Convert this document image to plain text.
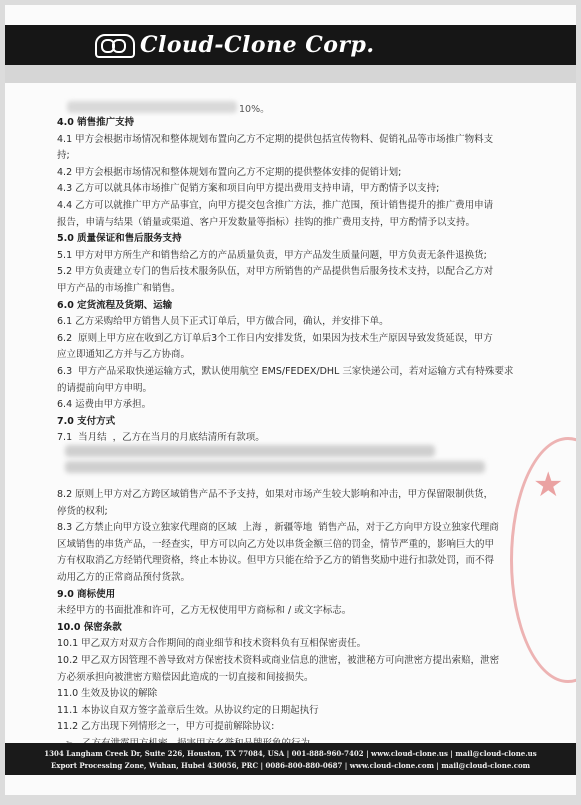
Cloud-Clone Corp.
10%。
4.0 销售推广支持
4.1 甲方会根据市场情况和整体规划布置向乙方不定期的提供包括宣传物料、促销礼品等市场推广物料支
持;
4.2 甲方会根据市场情况和整体规划布置向乙方不定期的提供整体安排的促销计划;
4.3 乙方可以就具体市场推广促销方案和项目向甲方提出费用支持申请，甲方酌情予以支持;
4.4 乙方可以就推广甲方产品事宜，向甲方提交包含推广方法，推广范围，预计销售提升的推广费用申请
报告，申请与结果（销量或渠道、客户开发数量等指标）挂钩的推广费用支持，甲方酌情予以支持。
5.0 质量保证和售后服务支持
5.1 甲方对甲方所生产和销售给乙方的产品质量负责，甲方产品发生质量问题，甲方负责无条件退换货;
5.2 甲方负责建立专门的售后技术服务队伍，对甲方所销售的产品提供售后服务技术支持，以配合乙方对
甲方产品的市场推广和销售。
6.0 定货流程及货期、运输
6.1 乙方采购给甲方销售人员下正式订单后，甲方做合同，确认，并安排下单。
6.2  原则上甲方应在收到乙方订单后3个工作日内安排发货，如果因为技术生产原因导致发货延误，甲方
应立即通知乙方并与乙方协商。
6.3  甲方产品采取快递运输方式，默认使用航空 EMS/FEDEX/DHL 三家快递公司，若对运输方式有特殊要求
的请提前向甲方申明。
6.4 运费由甲方承担。
7.0 支付方式
7.1  当月结  ，乙方在当月的月底结清所有款项。
8.2 原则上甲方对乙方跨区域销售产品不予支持，如果对市场产生较大影响和冲击，甲方保留限制供货，
停货的权利;
8.3 乙方禁止向甲方设立独家代理商的区域  上海 ，新疆等地  销售产品，对于乙方向甲方设立独家代理商
区域销售的串货产品，一经查实，甲方可以向乙方处以串货金额三倍的罚金，情节严重的，影响巨大的甲
方有权取消乙方经销代理资格，终止本协议。但甲方只能在给予乙方的销售奖励中进行扣款处罚，而不得
动用乙方的正常商品预付货款。
9.0 商标使用
未经甲方的书面批准和许可，乙方无权使用甲方商标和 / 或文字标志。
10.0 保密条款
10.1 甲乙双方对双方合作期间的商业细节和技术资料负有互相保密责任。
10.2 甲乙双方因管理不善导致对方保密技术资料或商业信息的泄密，被泄秘方可向泄密方提出索赔，泄密
方必须承担向被泄密方赔偿因此造成的一切直接和间接损失。
11.0 生效及协议的解除
11.1 本协议自双方签字盖章后生效。从协议约定的日期起执行
11.2 乙方出现下列情形之一，甲方可提前解除协议:
★
1304 Langham Creek Dr, Suite 226, Houston, TX 77084, USA | 001-888-960-7402 | www.cloud-clone.us | mail@cloud-clone.us
Export Processing Zone, Wuhan, Hubei 430056, PRC | 0086-800-880-0687 | www.cloud-clone.com | mail@cloud-clone.com
